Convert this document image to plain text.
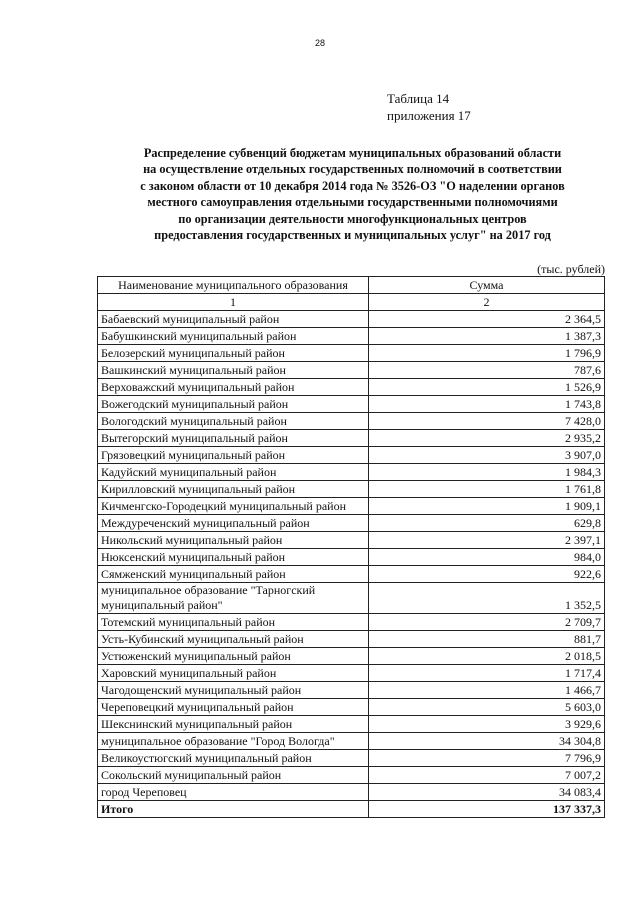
28
Таблица 14
приложения 17
Распределение субвенций бюджетам муниципальных образований области
на осуществление отдельных государственных полномочий в соответствии
с законом области от 10 декабря 2014 года № 3526-ОЗ "О наделении органов
местного самоуправления отдельными государственными полномочиями
по организации деятельности многофункциональных центров
предоставления государственных и муниципальных услуг" на 2017 год
(тыс. рублей)
Наименование муниципального образования	Сумма
1	2
Бабаевский муниципальный район	2 364,5
Бабушкинский муниципальный район	1 387,3
Белозерский муниципальный район	1 796,9
Вашкинский муниципальный район	787,6
Верховажский муниципальный район	1 526,9
Вожегодский муниципальный район	1 743,8
Вологодский муниципальный район	7 428,0
Вытегорский муниципальный район	2 935,2
Грязовецкий муниципальный район	3 907,0
Кадуйский муниципальный район	1 984,3
Кирилловский муниципальный район	1 761,8
Кичменгско-Городецкий муниципальный район	1 909,1
Междуреченский муниципальный район	629,8
Никольский муниципальный район	2 397,1
Нюксенский муниципальный район	984,0
Сямженский муниципальный район	922,6
муниципальное образование "Тарногский муниципальный район"	1 352,5
Тотемский муниципальный район	2 709,7
Усть-Кубинский муниципальный район	881,7
Устюженский муниципальный район	2 018,5
Харовский муниципальный район	1 717,4
Чагодощенский муниципальный район	1 466,7
Череповецкий муниципальный район	5 603,0
Шекснинский муниципальный район	3 929,6
муниципальное образование "Город Вологда"	34 304,8
Великоустюгский муниципальный район	7 796,9
Сокольский муниципальный район	7 007,2
город Череповец	34 083,4
Итого	137 337,3
